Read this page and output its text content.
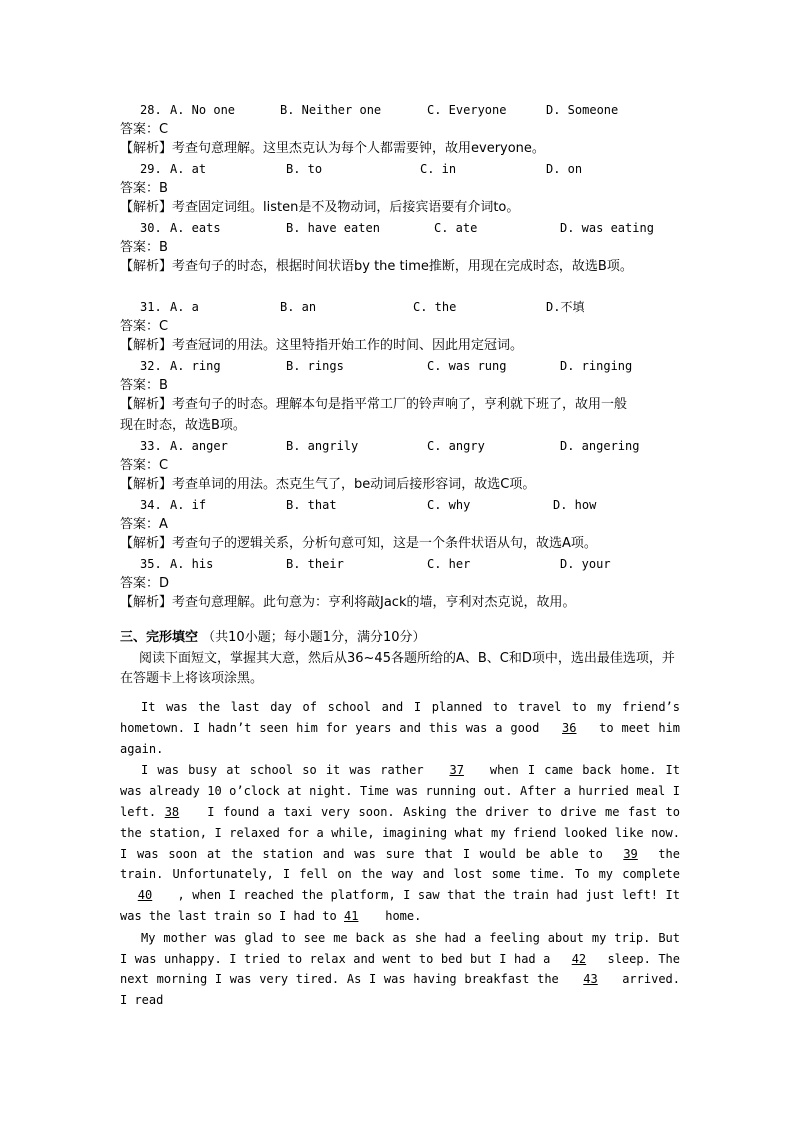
28. A. No one	B. Neither one	C. Everyone	D. Someone
答案：C
【解析】考查句意理解。这里杰克认为每个人都需要钟，故用everyone。
29. A. at	B. to	C. in	D. on
答案：B
【解析】考查固定词组。listen是不及物动词，后接宾语要有介词to。
30. A. eats	B. have eaten	C. ate	D. was eating
答案：B
【解析】考查句子的时态，根据时间状语by the time推断，用现在完成时态，故选B项。
31. A. a	B. an	C. the	D.不填
答案：C
【解析】考查冠词的用法。这里特指开始工作的时间、因此用定冠词。
32. A. ring	B. rings	C. was rung	D. ringing
答案：B
【解析】考查句子的时态。理解本句是指平常工厂的铃声响了，亨利就下班了，故用一般
现在时态，故选B项。
33. A. anger	B. angrily	C. angry	D. angering
答案：C
【解析】考查单词的用法。杰克生气了，be动词后接形容词，故选C项。
34. A. if	B. that	C. why	D. how
答案：A
【解析】考查句子的逻辑关系，分析句意可知，这是一个条件状语从句，故选A项。
35. A. his	B. their	C. her	D. your
答案：D
【解析】考查句意理解。此句意为：亨利将敲Jack的墙，亨利对杰克说，故用。
三、完形填空 （共10小题；每小题1分，满分10分）
阅读下面短文，掌握其大意，然后从36~45各题所给的A、B、C和D项中，选出最佳选项，并在答题卡上将该项涂黑。
It was the last day of school and I planned to travel to my friend’s hometown. I hadn’t seen him for years and this was a good 36 to meet him again.
I was busy at school so it was rather 37 when I came back home. It was already 10 o’clock at night. Time was running out. After a hurried meal I left. 38 I found a taxi very soon. Asking the driver to drive me fast to the station, I relaxed for a while, imagining what my friend looked like now. I was soon at the station and was sure that I would be able to 39 the train. Unfortunately, I fell on the way and lost some time. To my complete 40 , when I reached the platform, I saw that the train had just left! It was the last train so I had to 41 home.
My mother was glad to see me back as she had a feeling about my trip. But I was unhappy. I tried to relax and went to bed but I had a 42 sleep. The next morning I was very tired. As I was having breakfast the 43 arrived. I read
